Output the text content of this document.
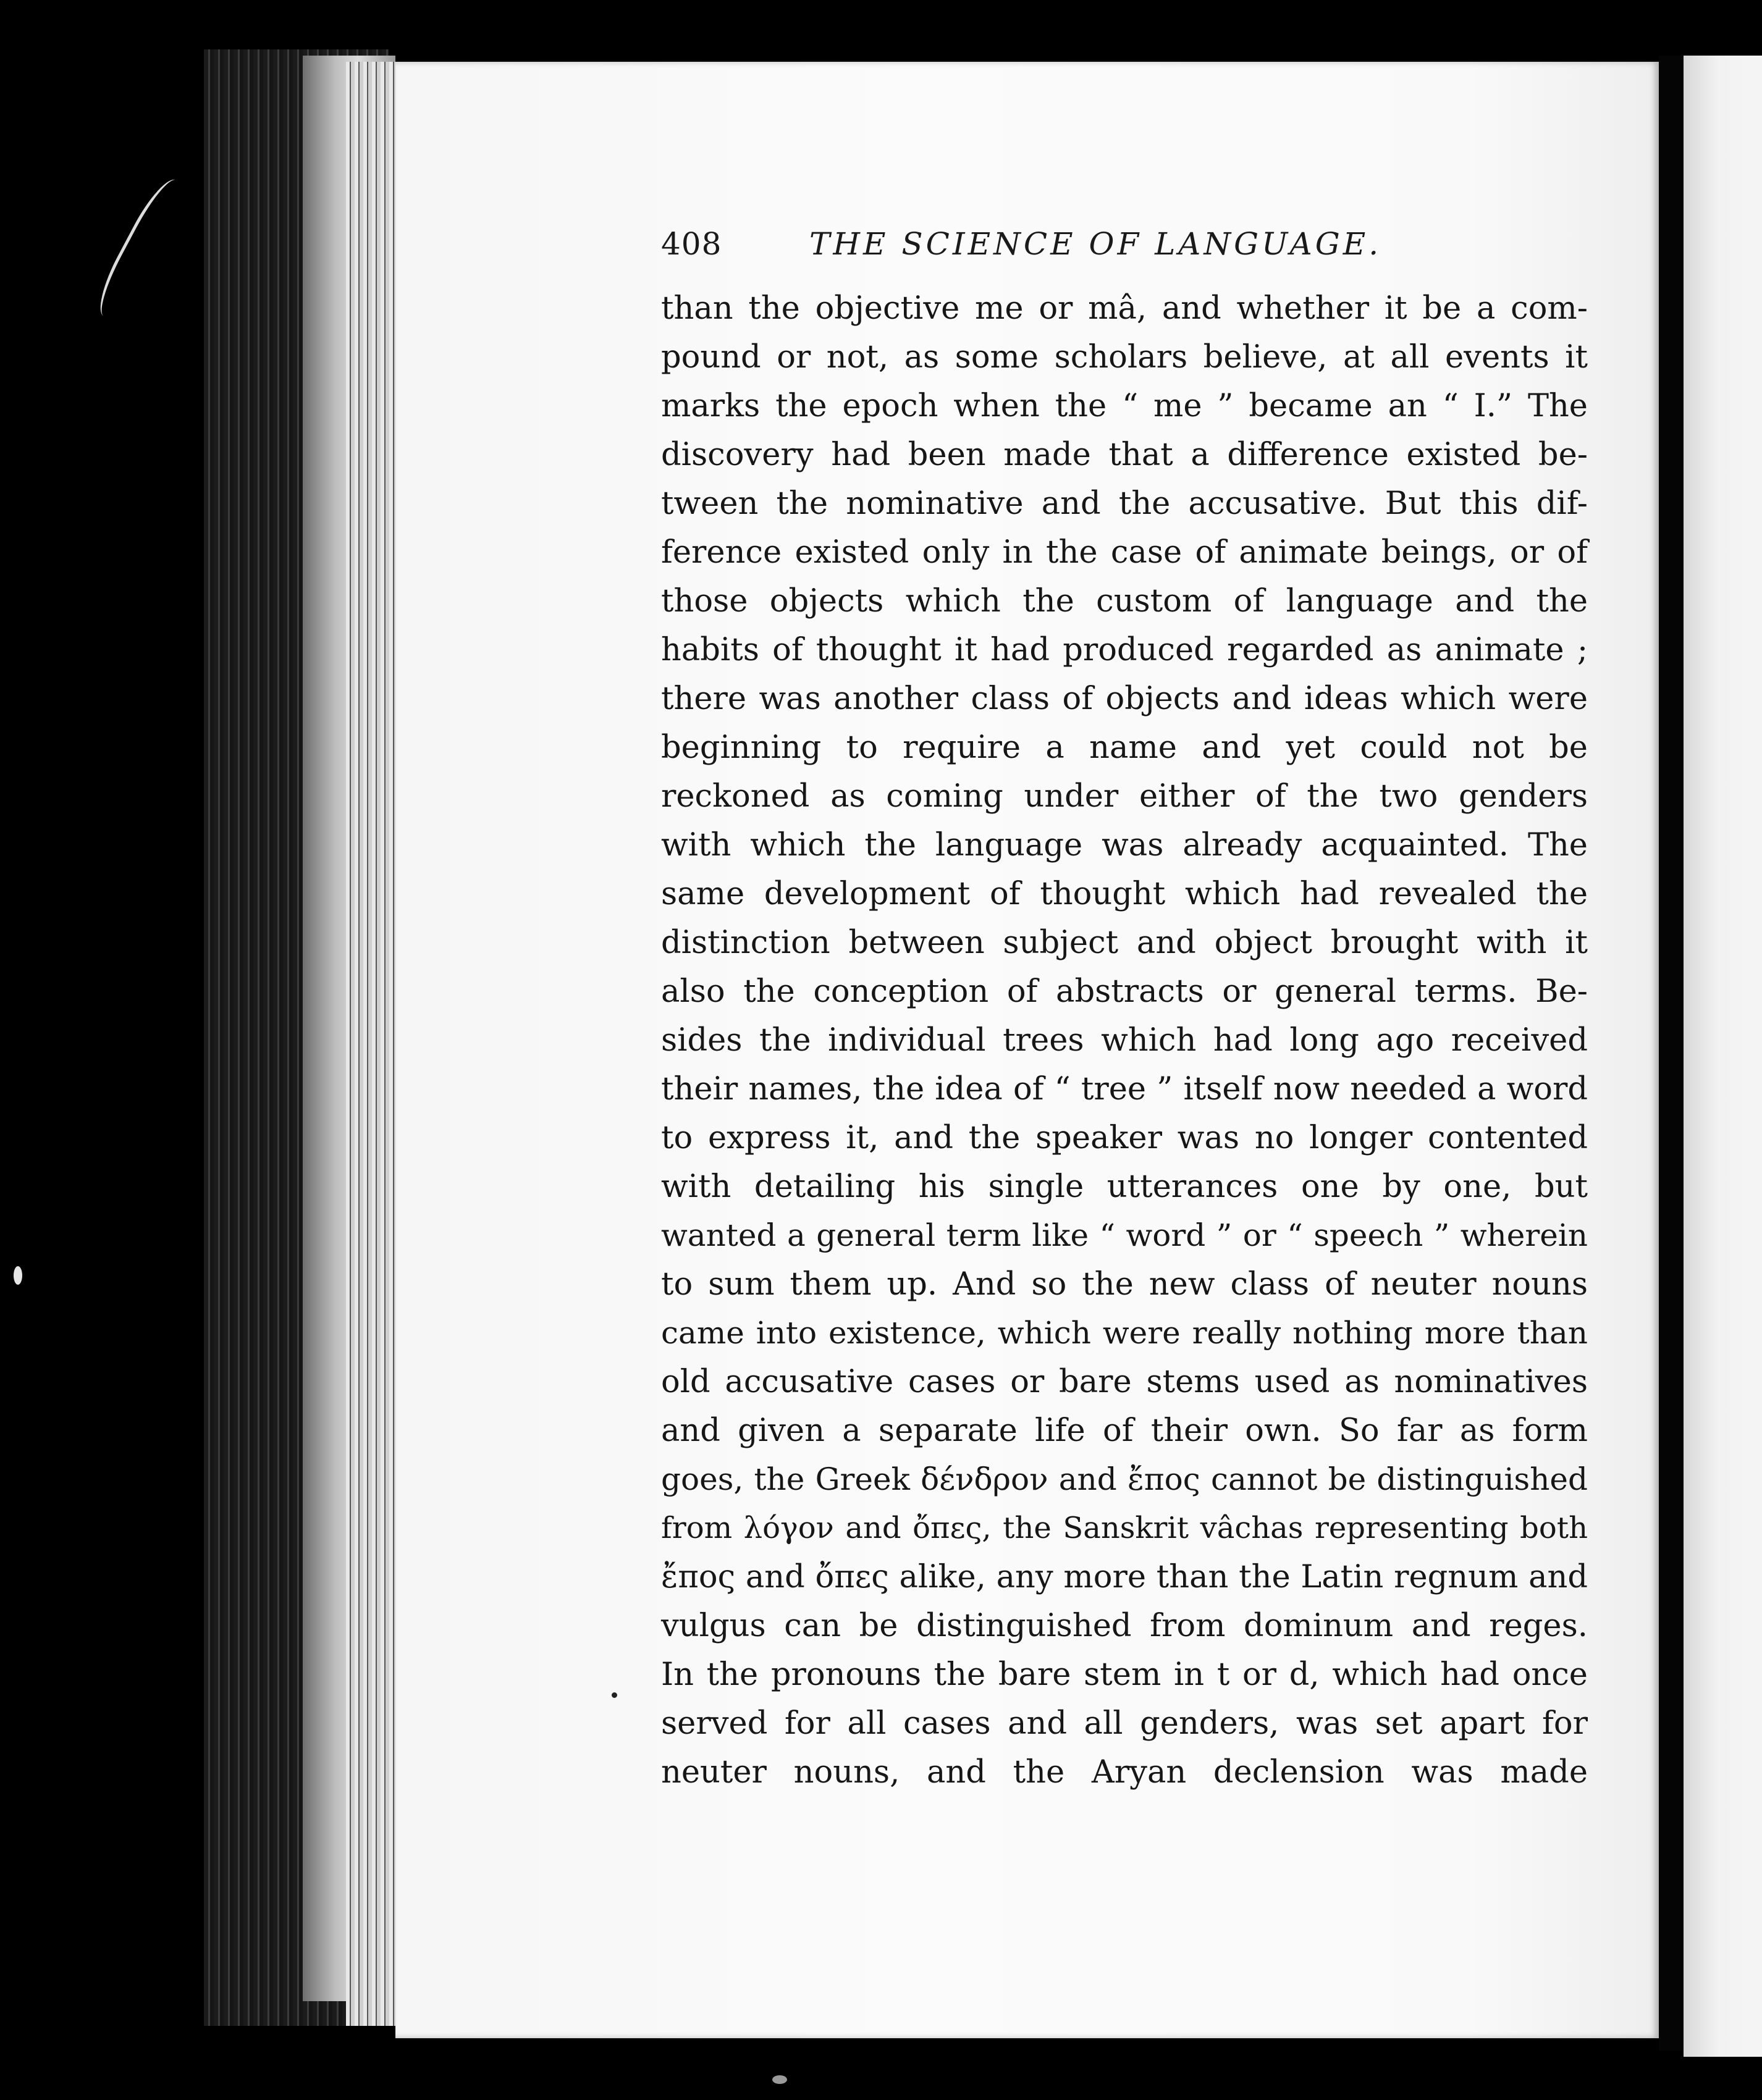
408	THE SCIENCE OF LANGUAGE.
than the objective me or mâ, and whether it be a com-
pound or not, as some scholars believe, at all events it
marks the epoch when the “ me ” became an “ I.” The
discovery had been made that a difference existed be-
tween the nominative and the accusative. But this dif-
ference existed only in the case of animate beings, or of
those objects which the custom of language and the
habits of thought it had produced regarded as animate ;
there was another class of objects and ideas which were
beginning to require a name and yet could not be
reckoned as coming under either of the two genders
with which the language was already acquainted. The
same development of thought which had revealed the
distinction between subject and object brought with it
also the conception of abstracts or general terms. Be-
sides the individual trees which had long ago received
their names, the idea of “ tree ” itself now needed a word
to express it, and the speaker was no longer contented
with detailing his single utterances one by one, but
wanted a general term like “ word ” or “ speech ” wherein
to sum them up. And so the new class of neuter nouns
came into existence, which were really nothing more than
old accusative cases or bare stems used as nominatives
and given a separate life of their own. So far as form
goes, the Greek δένδρον and ἔπος cannot be distinguished
from λόγον and ὄπες, the Sanskrit vâchas representing both
ἔπος and ὄπες alike, any more than the Latin regnum and
vulgus can be distinguished from dominum and reges.
In the pronouns the bare stem in t or d, which had once
served for all cases and all genders, was set apart for
neuter nouns, and the Aryan declension was made
